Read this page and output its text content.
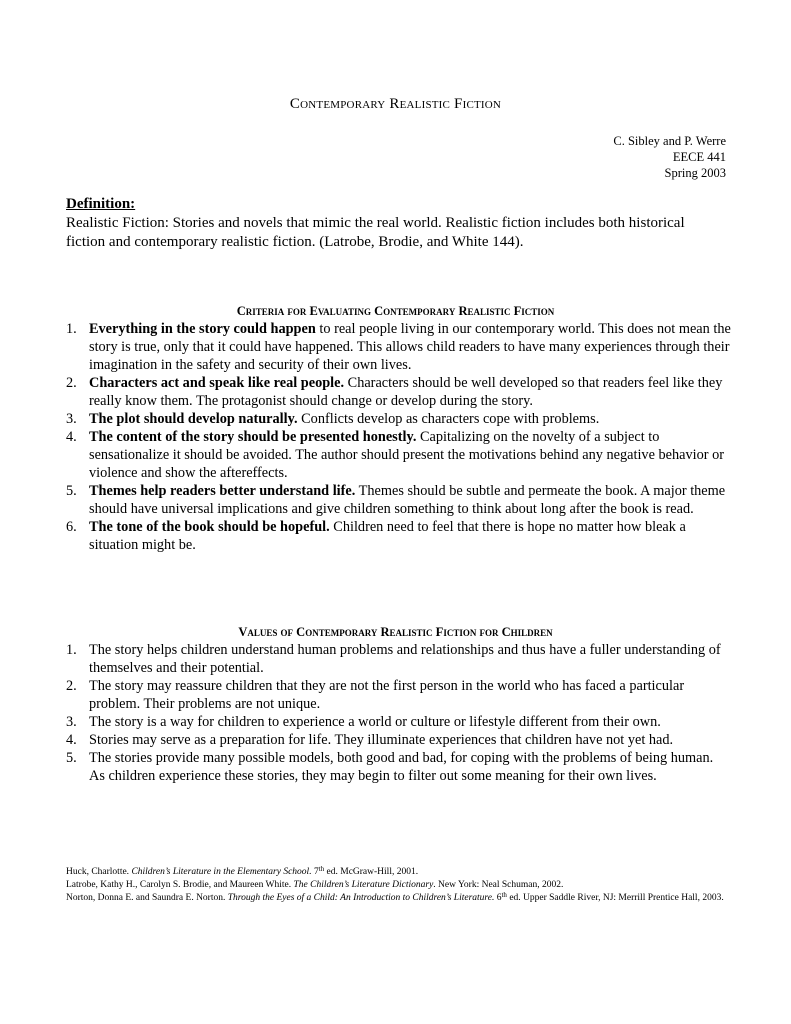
Contemporary Realistic Fiction
C. Sibley and P. Werre
EECE 441
Spring 2003
Definition:
Realistic Fiction: Stories and novels that mimic the real world. Realistic fiction includes both historical fiction and contemporary realistic fiction. (Latrobe, Brodie, and White 144).
Criteria for Evaluating Contemporary Realistic Fiction
1. Everything in the story could happen to real people living in our contemporary world. This does not mean the story is true, only that it could have happened. This allows child readers to have many experiences through their imagination in the safety and security of their own lives.
2. Characters act and speak like real people. Characters should be well developed so that readers feel like they really know them. The protagonist should change or develop during the story.
3. The plot should develop naturally. Conflicts develop as characters cope with problems.
4. The content of the story should be presented honestly. Capitalizing on the novelty of a subject to sensationalize it should be avoided. The author should present the motivations behind any negative behavior or violence and show the aftereffects.
5. Themes help readers better understand life. Themes should be subtle and permeate the book. A major theme should have universal implications and give children something to think about long after the book is read.
6. The tone of the book should be hopeful. Children need to feel that there is hope no matter how bleak a situation might be.
Values of Contemporary Realistic Fiction for Children
1. The story helps children understand human problems and relationships and thus have a fuller understanding of themselves and their potential.
2. The story may reassure children that they are not the first person in the world who has faced a particular problem. Their problems are not unique.
3. The story is a way for children to experience a world or culture or lifestyle different from their own.
4. Stories may serve as a preparation for life. They illuminate experiences that children have not yet had.
5. The stories provide many possible models, both good and bad, for coping with the problems of being human. As children experience these stories, they may begin to filter out some meaning for their own lives.

Huck, Charlotte. Children’s Literature in the Elementary School. 7th ed. McGraw-Hill, 2001.

Latrobe, Kathy H., Carolyn S. Brodie, and Maureen White. The Children’s Literature Dictionary. New York: Neal Schuman, 2002.

Norton, Donna E. and Saundra E. Norton. Through the Eyes of a Child: An Introduction to Children’s Literature. 6th ed. Upper Saddle River, NJ: Merrill Prentice Hall, 2003.
